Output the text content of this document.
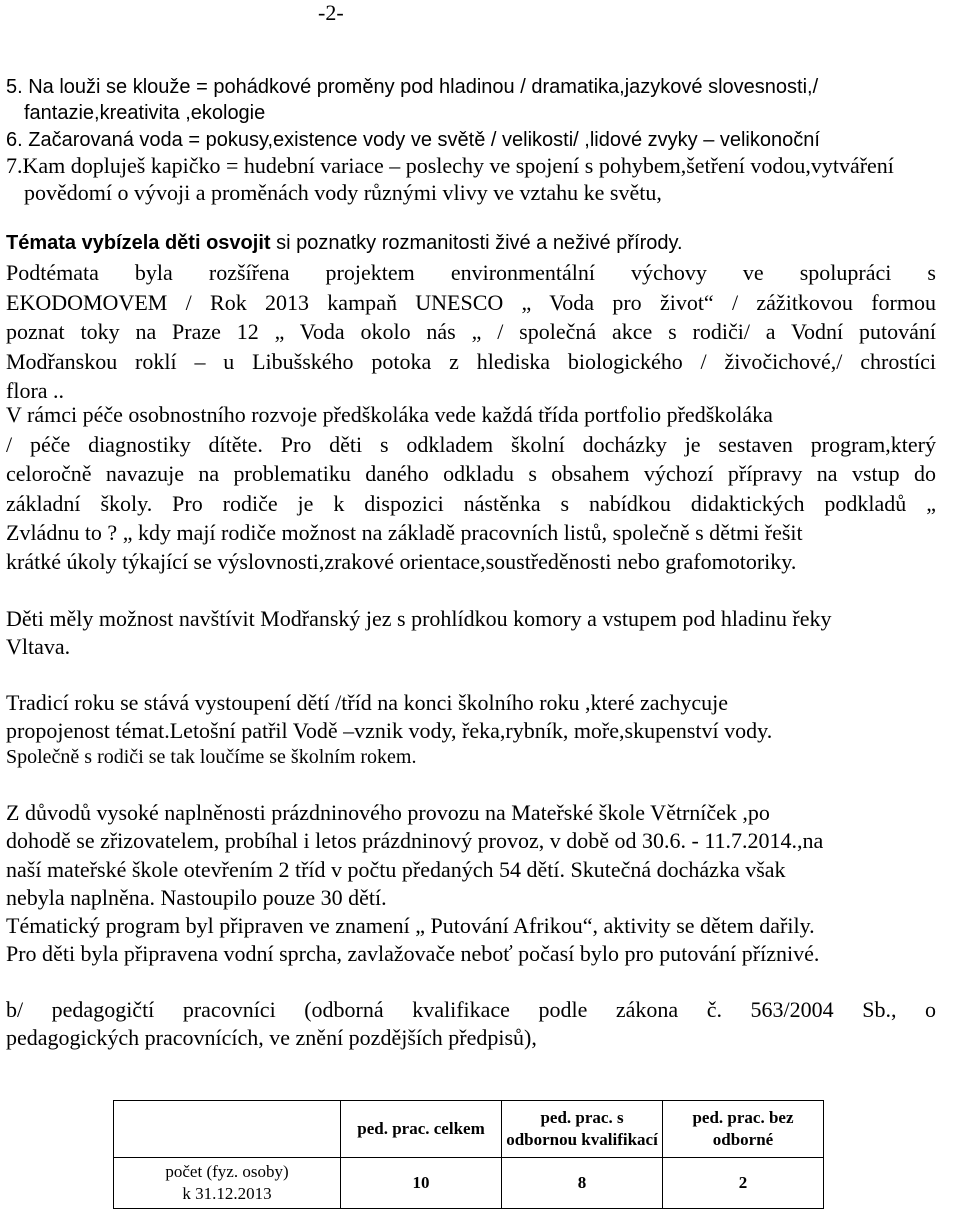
-2-
5. Na louži se klouže = pohádkové proměny pod hladinou / dramatika,jazykové slovesnosti,/
fantazie,kreativita ,ekologie
6. Začarovaná voda = pokusy,existence vody ve světě / velikosti/ ,lidové zvyky – velikonoční
7.Kam dopluješ kapičko = hudební variace – poslechy ve spojení s pohybem,šetření vodou,vytváření
povědomí o vývoji a proměnách vody různými vlivy ve vztahu ke světu,
Témata vybízela děti osvojit si poznatky rozmanitosti živé a neživé přírody.
Podtémata byla rozšířena projektem environmentální výchovy ve spolupráci s
EKODOMOVEM / Rok 2013 kampaň UNESCO „ Voda pro život“ / zážitkovou formou
poznat toky na Praze 12 „ Voda okolo nás „ / společná akce s rodiči/ a Vodní putování
Modřanskou roklí – u Libušského potoka z hlediska biologického / živočichové,/ chrostíci
flora ..
V rámci péče osobnostního rozvoje předškoláka vede každá třída portfolio předškoláka
/ péče diagnostiky dítěte. Pro děti s odkladem školní docházky je sestaven program,který
celoročně navazuje na problematiku daného odkladu s obsahem výchozí přípravy na vstup do
základní školy. Pro rodiče je k dispozici nástěnka s nabídkou didaktických podkladů „
Zvládnu to ? „ kdy mají rodiče možnost na základě pracovních listů, společně s dětmi řešit
krátké úkoly týkající se výslovnosti,zrakové orientace,soustředěnosti nebo grafomotoriky.
Děti měly možnost navštívit Modřanský jez s prohlídkou komory a vstupem pod hladinu řeky
Vltava.
Tradicí roku se stává vystoupení dětí /tříd na konci školního roku ,které zachycuje
propojenost témat.Letošní patřil Vodě –vznik vody, řeka,rybník, moře,skupenství vody.
Společně s rodiči se tak loučíme se školním rokem.
Z důvodů vysoké naplněnosti prázdninového provozu na Mateřské škole Větrníček ,po
dohodě se zřizovatelem, probíhal i letos prázdninový provoz, v době od 30.6. - 11.7.2014.,na
naší mateřské škole otevřením 2 tříd v počtu předaných 54 dětí. Skutečná docházka však
nebyla naplněna. Nastoupilo pouze 30 dětí.
Tématický program byl připraven ve znamení „ Putování Afrikou“, aktivity se dětem dařily.
Pro děti byla připravena vodní sprcha, zavlažovače neboť počasí bylo pro putování příznivé.
b/ pedagogičtí pracovníci (odborná kvalifikace podle zákona č. 563/2004 Sb., o
pedagogických pracovnících, ve znění pozdějších předpisů),
	ped. prac. celkem	ped. prac. s odbornou kvalifikací	ped. prac. bez odborné

počet (fyz. osoby)
k 31.12.2013	10	8	2
